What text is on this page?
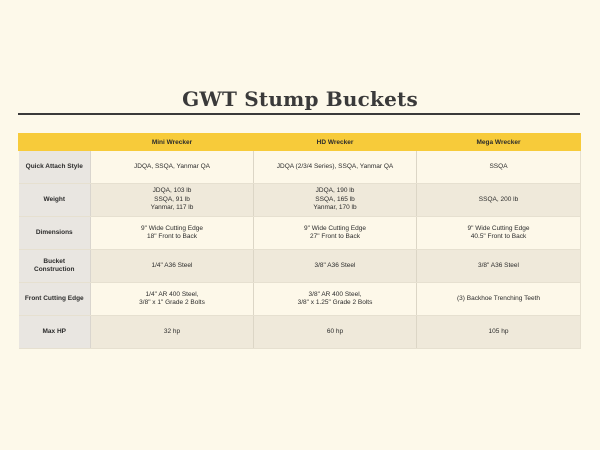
GWT Stump Buckets
	Mini Wrecker	HD Wrecker	Mega Wrecker
Quick Attach Style	JDQA, SSQA, Yanmar QA	JDQA (2/3/4 Series), SSQA, Yanmar QA	SSQA

Weight	JDQA, 103 lb
SSQA, 91 lb
Yanmar, 117 lb	JDQA, 190 lb
SSQA, 165 lb
Yanmar, 170 lb	SSQA, 200 lb

Dimensions	9" Wide Cutting Edge
18" Front to Back	9" Wide Cutting Edge
27" Front to Back	9" Wide Cutting Edge
40.5" Front to Back

Bucket Construction	1/4" A36 Steel	3/8" A36 Steel	3/8" A36 Steel

Front Cutting Edge	1/4" AR 400 Steel,
3/8" x 1" Grade 2 Bolts	3/8" AR 400 Steel,
3/8" x 1.25" Grade 2 Bolts	(3) Backhoe Trenching Teeth

Max HP	32 hp	60 hp	105 hp
